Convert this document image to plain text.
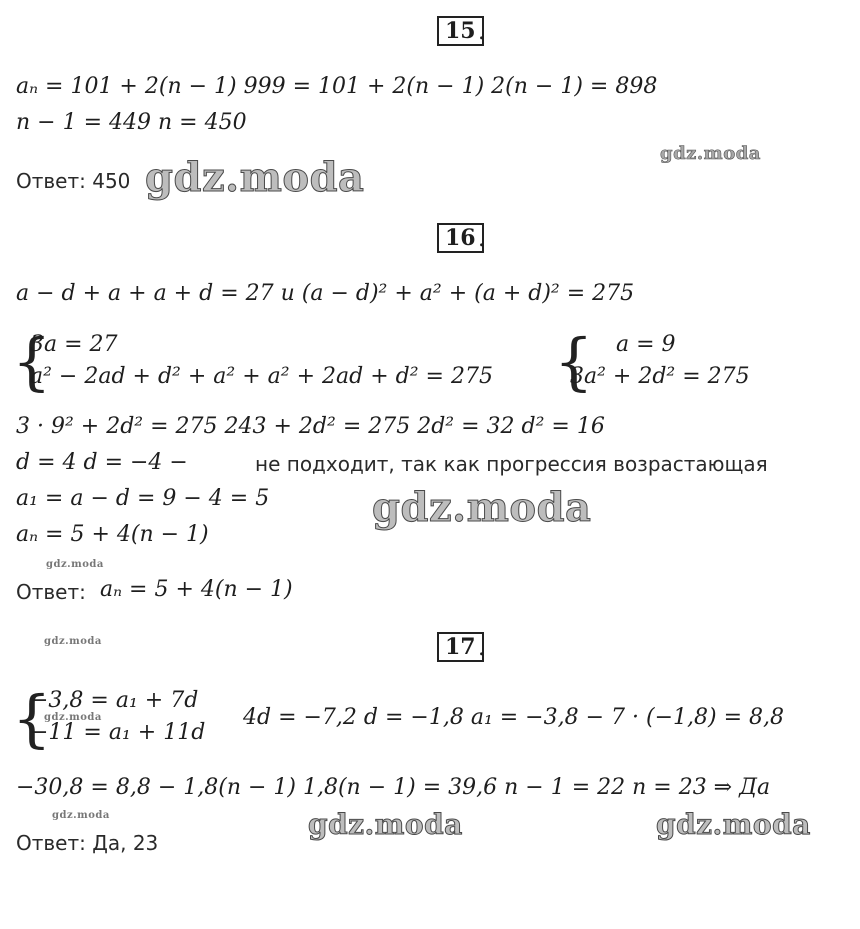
15 .
aₙ = 101 + 2(n − 1) 999 = 101 + 2(n − 1) 2(n − 1) = 898
n − 1 = 449 n = 450
Ответ: 450 gdz.moda
gdz.moda
16 .
a − d + a + a + d = 27 и (a − d)² + a² + (a + d)² = 275
{
3a = 27
a² − 2ad + d² + a² + a² + 2ad + d² = 275 { a = 9
3a² + 2d² = 275
3 · 9² + 2d² = 275 243 + 2d² = 275 2d² = 32 d² = 16
d = 4 d = −4 −	не подходит, так как прогрессия возрастающая
a₁ = a − d = 9 − 4 = 5
aₙ = 5 + 4(n − 1)
Ответ: aₙ = 5 + 4(n − 1)
gdz.moda
gdz.moda
gdz.moda	17 .
{
−3,8 = a₁ + 7d
−11 = a₁ + 11d
4d = −7,2 d = −1,8 a₁ = −3,8 − 7 · (−1,8) = 8,8
−30,8 = 8,8 − 1,8(n − 1) 1,8(n − 1) = 39,6 n − 1 = 22 n = 23 ⇒ Да
Ответ: Да, 23
gdz.moda
gdz.moda	gdz.moda	gdz.moda
